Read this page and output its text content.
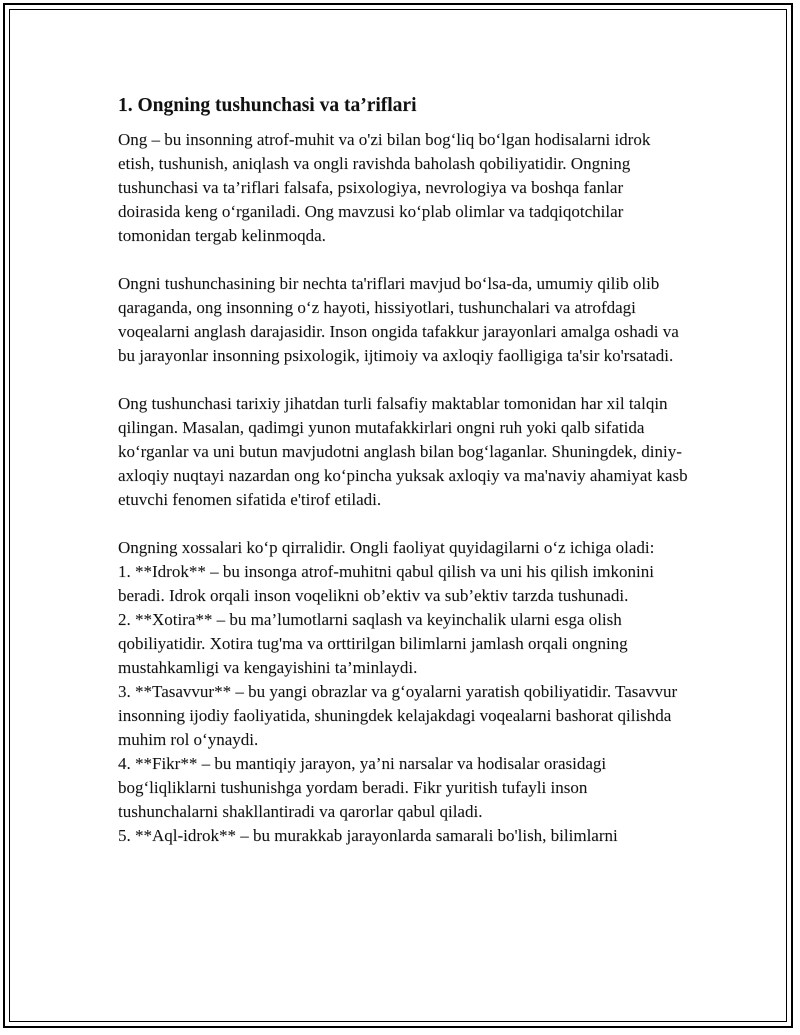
1. Ongning tushunchasi va ta’riflari

Ong – bu insonning atrof-muhit va o'zi bilan bog‘liq bo‘lgan hodisalarni idrok etish, tushunish, aniqlash va ongli ravishda baholash qobiliyatidir. Ongning tushunchasi va ta’riflari falsafa, psixologiya, nevrologiya va boshqa fanlar doirasida keng o‘rganiladi. Ong mavzusi ko‘plab olimlar va tadqiqotchilar tomonidan tergab kelinmoqda.

Ongni tushunchasining bir nechta ta'riflari mavjud bo‘lsa-da, umumiy qilib olib qaraganda, ong insonning o‘z hayoti, hissiyotlari, tushunchalari va atrofdagi voqealarni anglash darajasidir. Inson ongida tafakkur jarayonlari amalga oshadi va bu jarayonlar insonning psixologik, ijtimoiy va axloqiy faolligiga ta'sir ko'rsatadi.

Ong tushunchasi tarixiy jihatdan turli falsafiy maktablar tomonidan har xil talqin qilingan. Masalan, qadimgi yunon mutafakkirlari ongni ruh yoki qalb sifatida ko‘rganlar va uni butun mavjudotni anglash bilan bog‘laganlar. Shuningdek, diniy-axloqiy nuqtayi nazardan ong ko‘pincha yuksak axloqiy va ma'naviy ahamiyat kasb etuvchi fenomen sifatida e'tirof etiladi.

Ongning xossalari ko‘p qirralidir. Ongli faoliyat quyidagilarni o‘z ichiga oladi:

1. **Idrok** – bu insonga atrof-muhitni qabul qilish va uni his qilish imkonini beradi. Idrok orqali inson voqelikni ob’ektiv va sub’ektiv tarzda tushunadi.

2. **Xotira** – bu ma’lumotlarni saqlash va keyinchalik ularni esga olish qobiliyatidir. Xotira tug'ma va orttirilgan bilimlarni jamlash orqali ongning mustahkamligi va kengayishini ta’minlaydi.

3. **Tasavvur** – bu yangi obrazlar va g‘oyalarni yaratish qobiliyatidir. Tasavvur insonning ijodiy faoliyatida, shuningdek kelajakdagi voqealarni bashorat qilishda muhim rol o‘ynaydi.

4. **Fikr** – bu mantiqiy jarayon, ya’ni narsalar va hodisalar orasidagi bog‘liqliklarni tushunishga yordam beradi. Fikr yuritish tufayli inson tushunchalarni shakllantiradi va qarorlar qabul qiladi.

5. **Aql-idrok** – bu murakkab jarayonlarda samarali bo'lish, bilimlarni
